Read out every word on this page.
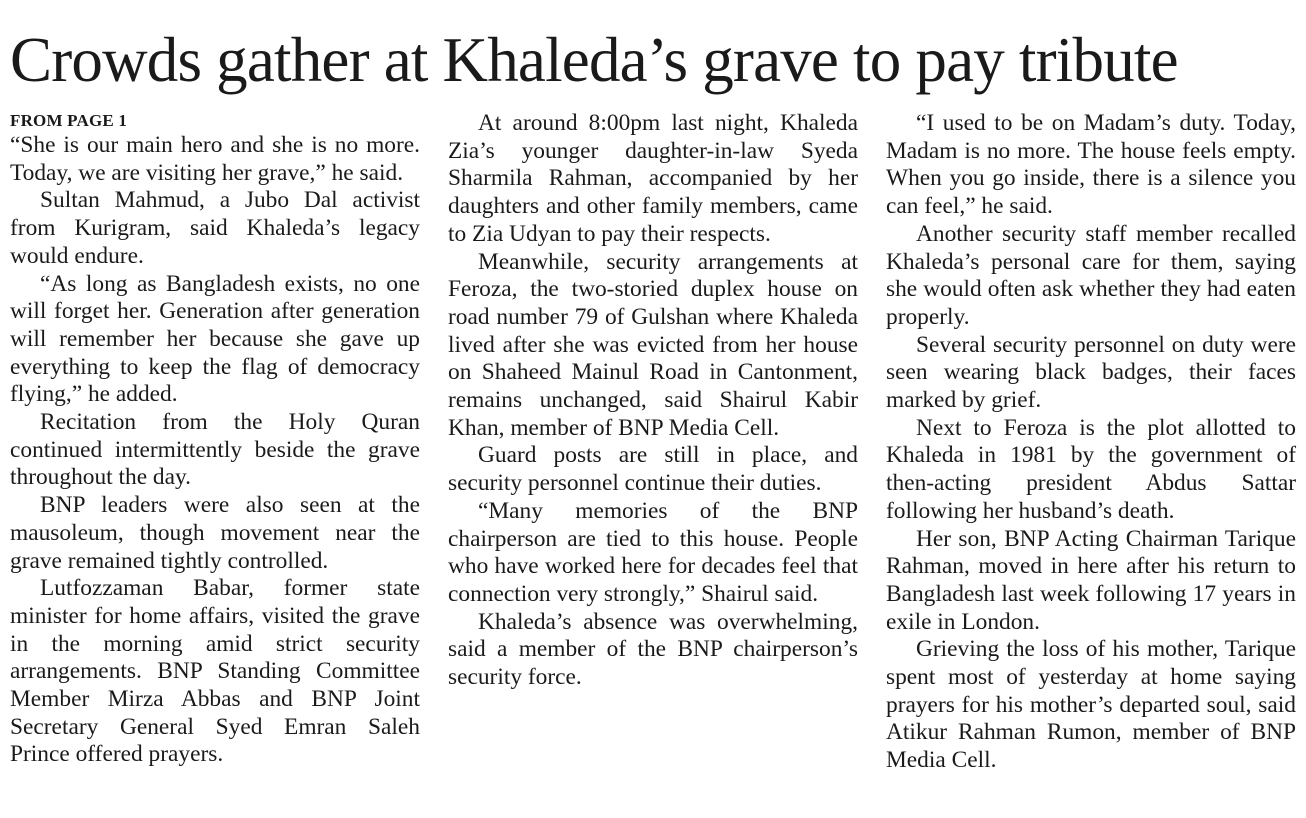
Crowds gather at Khaleda’s grave to pay tribute
FROM PAGE 1

“She is our main hero and she is no more. Today, we are visiting her grave,” he said.

Sultan Mahmud, a Jubo Dal activist from Kurigram, said Khaleda’s legacy would endure.

“As long as Bangladesh exists, no one will forget her. Generation after generation will remember her because she gave up everything to keep the flag of democracy flying,” he added.

Recitation from the Holy Quran continued intermittently beside the grave throughout the day.

BNP leaders were also seen at the mausoleum, though movement near the grave remained tightly controlled.

Lutfozzaman Babar, former state minister for home affairs, visited the grave in the morning amid strict security arrangements. BNP Standing Committee Member Mirza Abbas and BNP Joint Secretary General Syed Emran Saleh Prince offered prayers.

At around 8:00pm last night, Khaleda Zia’s younger daughter-in-law Syeda Sharmila Rahman, accompanied by her daughters and other family members, came to Zia Udyan to pay their respects.

Meanwhile, security arrangements at Feroza, the two-storied duplex house on road number 79 of Gulshan where Khaleda lived after she was evicted from her house on Shaheed Mainul Road in Cantonment, remains unchanged, said Shairul Kabir Khan, member of BNP Media Cell.

Guard posts are still in place, and security personnel continue their duties.

“Many memories of the BNP chairperson are tied to this house. People who have worked here for decades feel that connection very strongly,” Shairul said.

Khaleda’s absence was overwhelming, said a member of the BNP chairperson’s security force.

“I used to be on Madam’s duty. Today, Madam is no more. The house feels empty. When you go inside, there is a silence you can feel,” he said.

Another security staff member recalled Khaleda’s personal care for them, saying she would often ask whether they had eaten properly.

Several security personnel on duty were seen wearing black badges, their faces marked by grief.

Next to Feroza is the plot allotted to Khaleda in 1981 by the government of then-acting president Abdus Sattar following her husband’s death.

Her son, BNP Acting Chairman Tarique Rahman, moved in here after his return to Bangladesh last week following 17 years in exile in London.

Grieving the loss of his mother, Tarique spent most of yesterday at home saying prayers for his mother’s departed soul, said Atikur Rahman Rumon, member of BNP Media Cell.
